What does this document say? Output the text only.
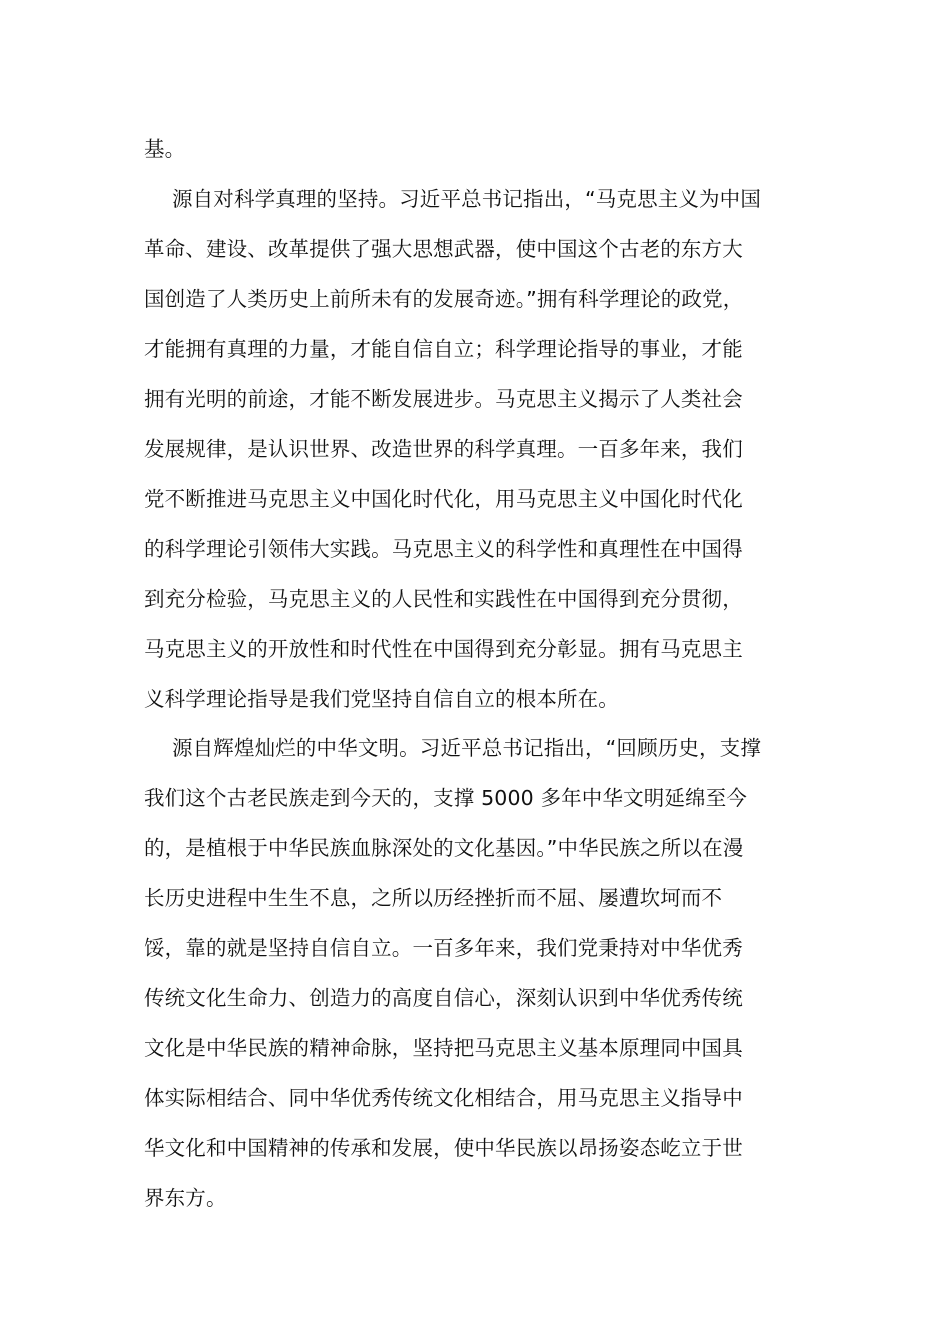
基。
源自对科学真理的坚持。习近平总书记指出，“马克思主义为中国
革命、建设、改革提供了强大思想武器，使中国这个古老的东方大
国创造了人类历史上前所未有的发展奇迹。”拥有科学理论的政党，
才能拥有真理的力量，才能自信自立；科学理论指导的事业，才能
拥有光明的前途，才能不断发展进步。马克思主义揭示了人类社会
发展规律，是认识世界、改造世界的科学真理。一百多年来，我们
党不断推进马克思主义中国化时代化，用马克思主义中国化时代化
的科学理论引领伟大实践。马克思主义的科学性和真理性在中国得
到充分检验，马克思主义的人民性和实践性在中国得到充分贯彻，
马克思主义的开放性和时代性在中国得到充分彰显。拥有马克思主
义科学理论指导是我们党坚持自信自立的根本所在。
源自辉煌灿烂的中华文明。习近平总书记指出，“回顾历史，支撑
我们这个古老民族走到今天的，支撑 5000 多年中华文明延绵至今
的，是植根于中华民族血脉深处的文化基因。”中华民族之所以在漫
长历史进程中生生不息，之所以历经挫折而不屈、屡遭坎坷而不
馁，靠的就是坚持自信自立。一百多年来，我们党秉持对中华优秀
传统文化生命力、创造力的高度自信心，深刻认识到中华优秀传统
文化是中华民族的精神命脉，坚持把马克思主义基本原理同中国具
体实际相结合、同中华优秀传统文化相结合，用马克思主义指导中
华文化和中国精神的传承和发展，使中华民族以昂扬姿态屹立于世
界东方。
